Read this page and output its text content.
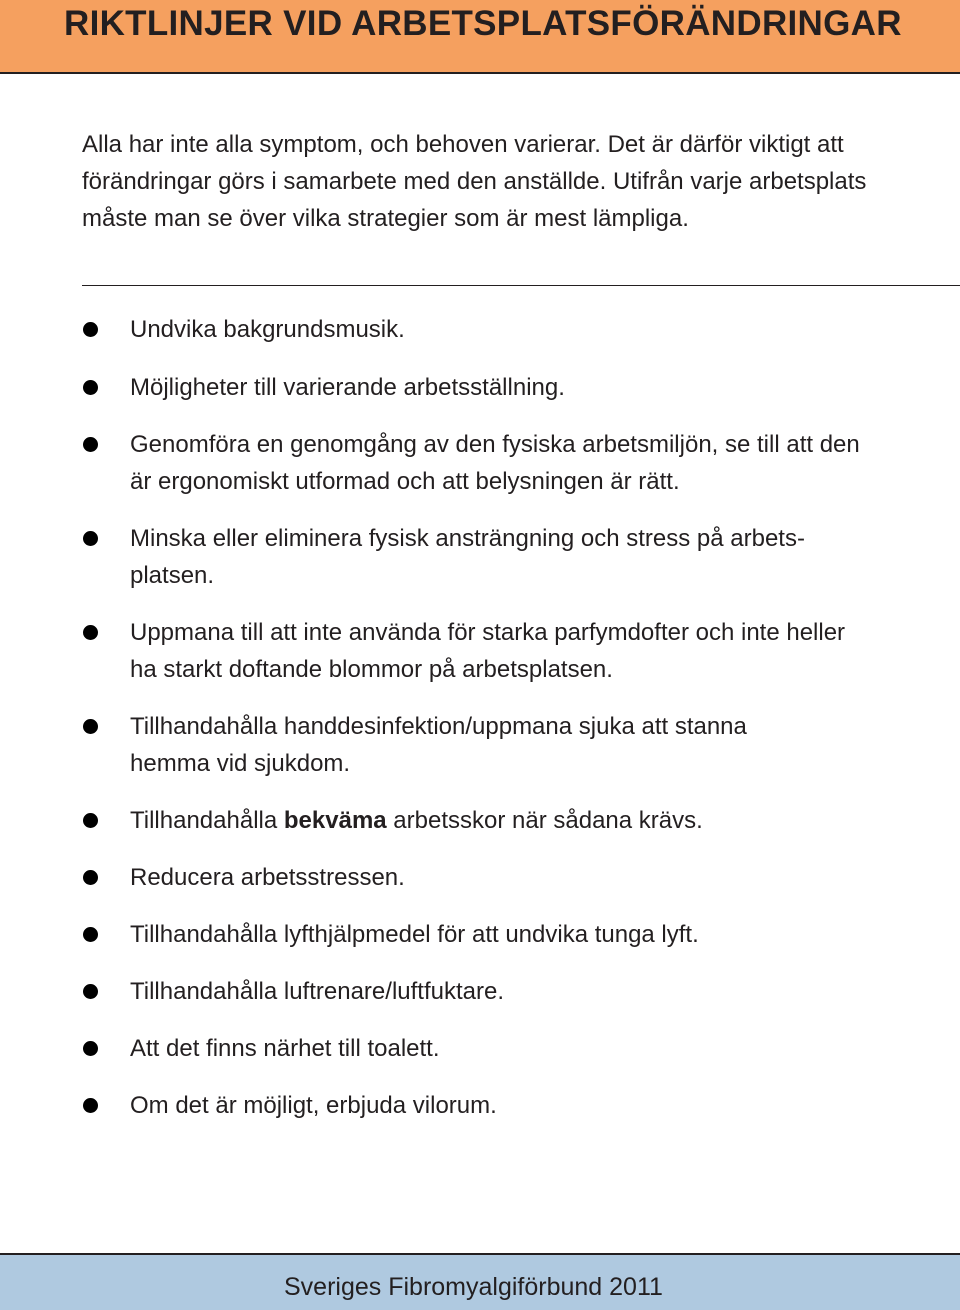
RIKTLINJER VID ARBETSPLATSFÖRÄNDRINGAR

Alla har inte alla symptom, och behoven varierar. Det är därför viktigt att förändringar görs i samarbete med den anställde. Utifrån varje arbetsplats måste man se över vilka strategier som är mest lämpliga.

Undvika bakgrundsmusik.
Möjligheter till varierande arbetsställning.
Genomföra en genomgång av den fysiska arbetsmiljön, se till att den är ergonomiskt utformad och att belysningen är rätt.
Minska eller eliminera fysisk ansträngning och stress på arbets-platsen.
Uppmana till att inte använda för starka parfymdofter och inte heller ha starkt doftande blommor på arbetsplatsen.
Tillhandahålla handdesinfektion/uppmana sjuka att stanna hemma vid sjukdom.
Tillhandahålla bekväma arbetsskor när sådana krävs.
Reducera arbetsstressen.
Tillhandahålla lyfthjälpmedel för att undvika tunga lyft.
Tillhandahålla luftrenare/luftfuktare.
Att det finns närhet till toalett.
Om det är möjligt, erbjuda vilorum.

Sveriges Fibromyalgiförbund 2011
